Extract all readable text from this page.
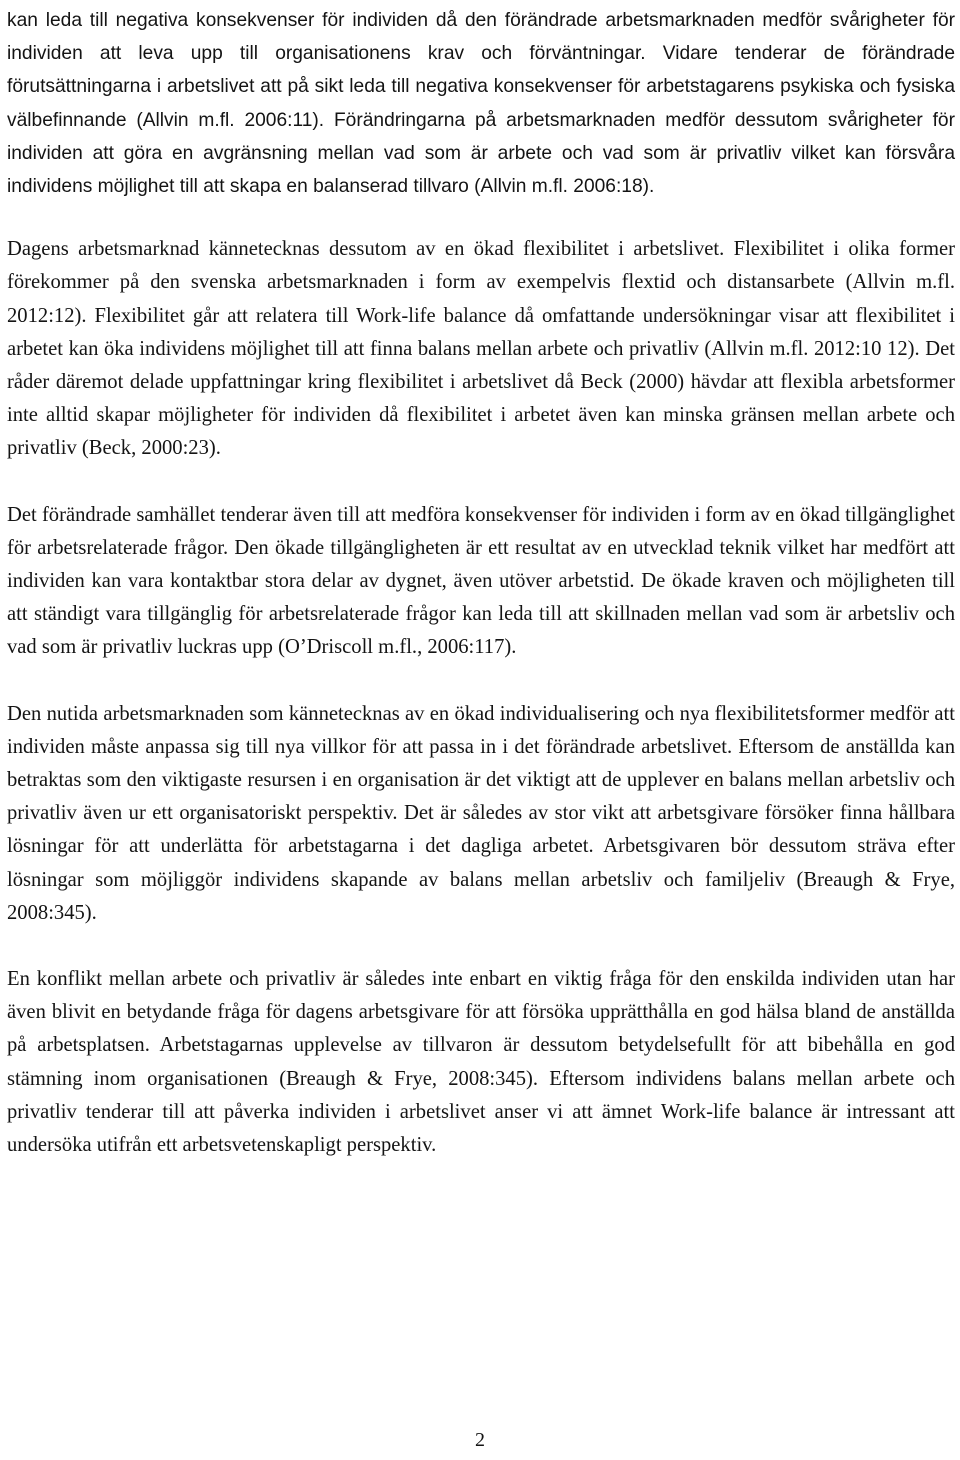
kan leda till negativa konsekvenser för individen då den förändrade arbetsmarknaden medför svårigheter för individen att leva upp till organisationens krav och förväntningar. Vidare tenderar de förändrade förutsättningarna i arbetslivet att på sikt leda till negativa konsekvenser för arbetstagarens psykiska och fysiska välbefinnande (Allvin m.fl. 2006:11). Förändringarna på arbetsmarknaden medför dessutom svårigheter för individen att göra en avgränsning mellan vad som är arbete och vad som är privatliv vilket kan försvåra individens möjlighet till att skapa en balanserad tillvaro (Allvin m.fl. 2006:18).

Dagens arbetsmarknad kännetecknas dessutom av en ökad flexibilitet i arbetslivet. Flexibilitet i olika former förekommer på den svenska arbetsmarknaden i form av exempelvis flextid och distansarbete (Allvin m.fl. 2012:12). Flexibilitet går att relatera till Work-life balance då omfattande undersökningar visar att flexibilitet i arbetet kan öka individens möjlighet till att finna balans mellan arbete och privatliv (Allvin m.fl. 2012:10 12). Det råder däremot delade uppfattningar kring flexibilitet i arbetslivet då Beck (2000) hävdar att flexibla arbetsformer inte alltid skapar möjligheter för individen då flexibilitet i arbetet även kan minska gränsen mellan arbete och privatliv (Beck, 2000:23).

Det förändrade samhället tenderar även till att medföra konsekvenser för individen i form av en ökad tillgänglighet för arbetsrelaterade frågor. Den ökade tillgängligheten är ett resultat av en utvecklad teknik vilket har medfört att individen kan vara kontaktbar stora delar av dygnet, även utöver arbetstid. De ökade kraven och möjligheten till att ständigt vara tillgänglig för arbetsrelaterade frågor kan leda till att skillnaden mellan vad som är arbetsliv och vad som är privatliv luckras upp (O’Driscoll m.fl., 2006:117).

Den nutida arbetsmarknaden som kännetecknas av en ökad individualisering och nya flexibilitetsformer medför att individen måste anpassa sig till nya villkor för att passa in i det förändrade arbetslivet. Eftersom de anställda kan betraktas som den viktigaste resursen i en organisation är det viktigt att de upplever en balans mellan arbetsliv och privatliv även ur ett organisatoriskt perspektiv. Det är således av stor vikt att arbetsgivare försöker finna hållbara lösningar för att underlätta för arbetstagarna i det dagliga arbetet. Arbetsgivaren bör dessutom sträva efter lösningar som möjliggör individens skapande av balans mellan arbetsliv och familjeliv (Breaugh & Frye, 2008:345).

En konflikt mellan arbete och privatliv är således inte enbart en viktig fråga för den enskilda individen utan har även blivit en betydande fråga för dagens arbetsgivare för att försöka upprätthålla en god hälsa bland de anställda på arbetsplatsen. Arbetstagarnas upplevelse av tillvaron är dessutom betydelsefullt för att bibehålla en god stämning inom organisationen (Breaugh & Frye, 2008:345). Eftersom individens balans mellan arbete och privatliv tenderar till att påverka individen i arbetslivet anser vi att ämnet Work-life balance är intressant att undersöka utifrån ett arbetsvetenskapligt perspektiv.

2
